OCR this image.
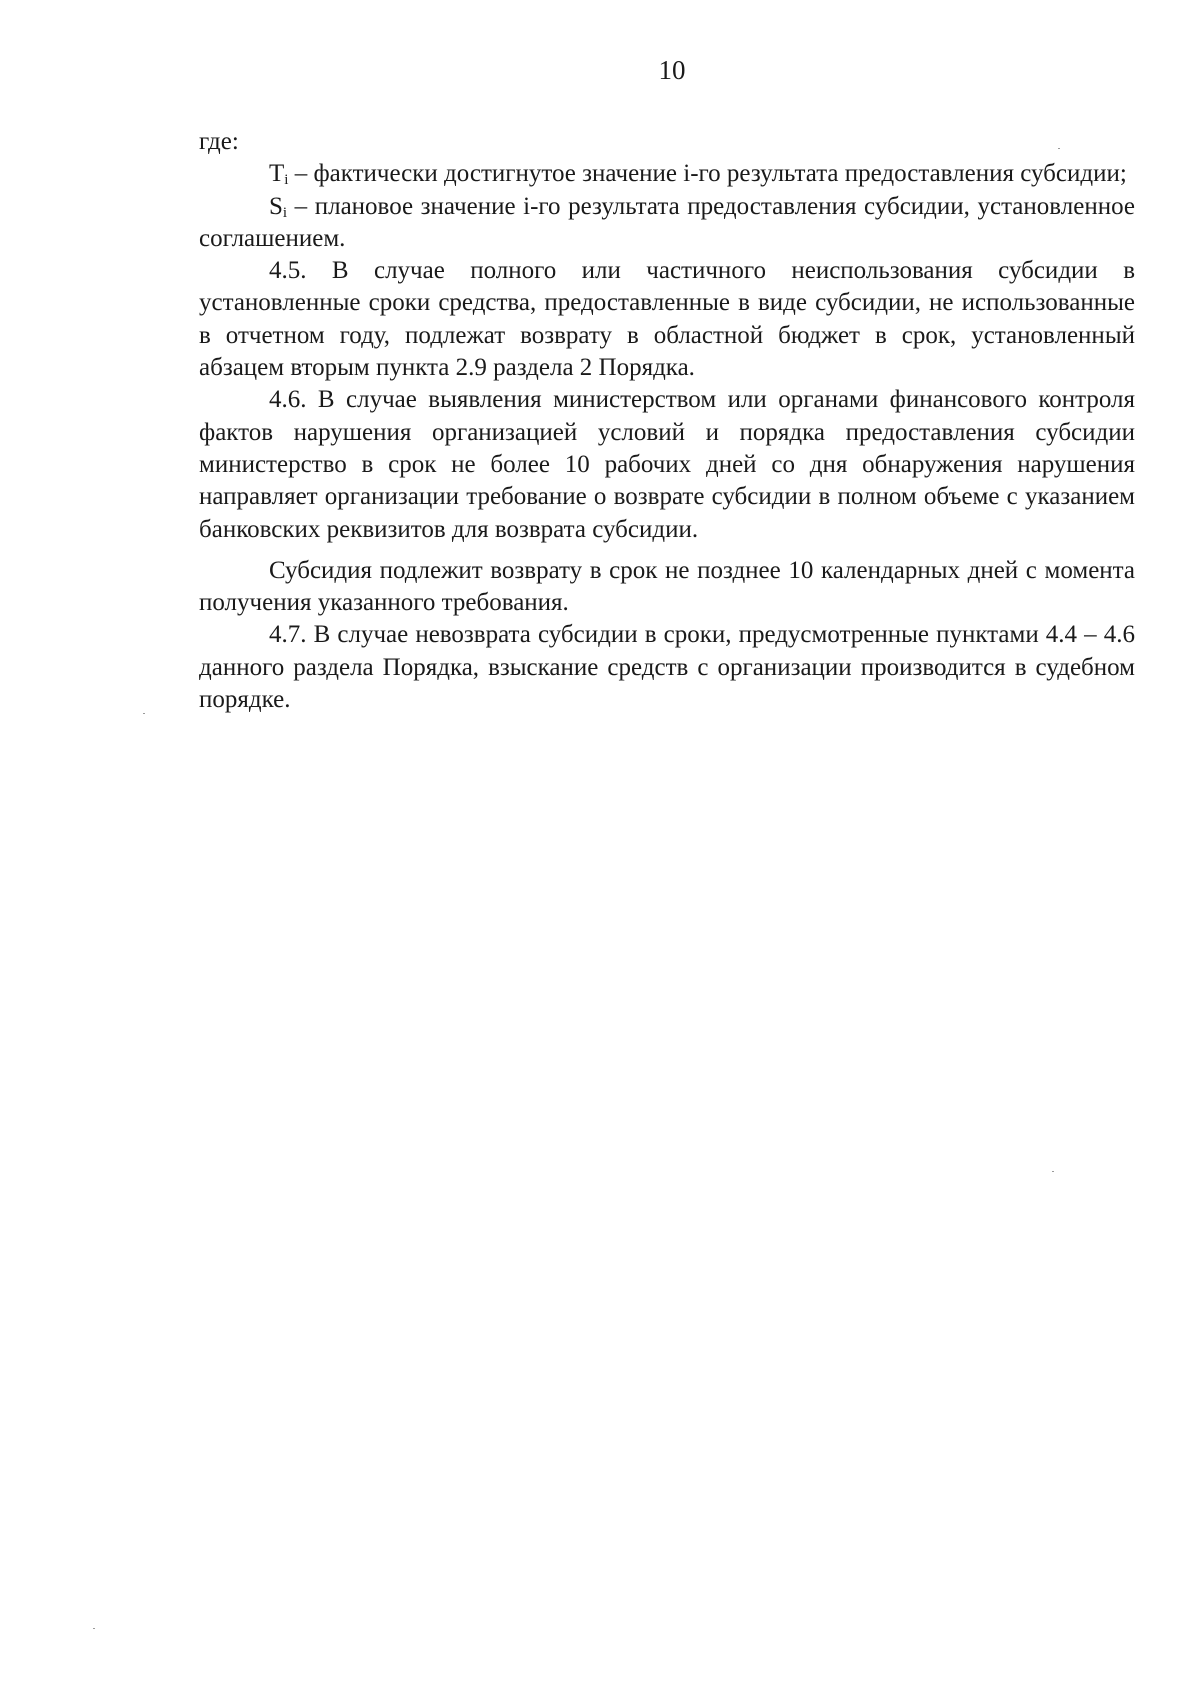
10

где:

$T_i$ – фактически достигнутое значение i-го результата предоставления субсидии;

$S_i$ – плановое значение i-го результата предоставления субсидии, установленное соглашением.

4.5. В случае полного или частичного неиспользования субсидии в установленные сроки средства, предоставленные в виде субсидии, не использованные в отчетном году, подлежат возврату в областной бюджет в срок, установленный абзацем вторым пункта 2.9 раздела 2 Порядка.

4.6. В случае выявления министерством или органами финансового контроля фактов нарушения организацией условий и порядка предоставления субсидии министерство в срок не более 10 рабочих дней со дня обнаружения нарушения направляет организации требование о возврате субсидии в полном объеме с указанием банковских реквизитов для возврата субсидии.

Субсидия подлежит возврату в срок не позднее 10 календарных дней с момента получения указанного требования.

4.7. В случае невозврата субсидии в сроки, предусмотренные пунктами 4.4 – 4.6 данного раздела Порядка, взыскание средств с организации производится в судебном порядке.
